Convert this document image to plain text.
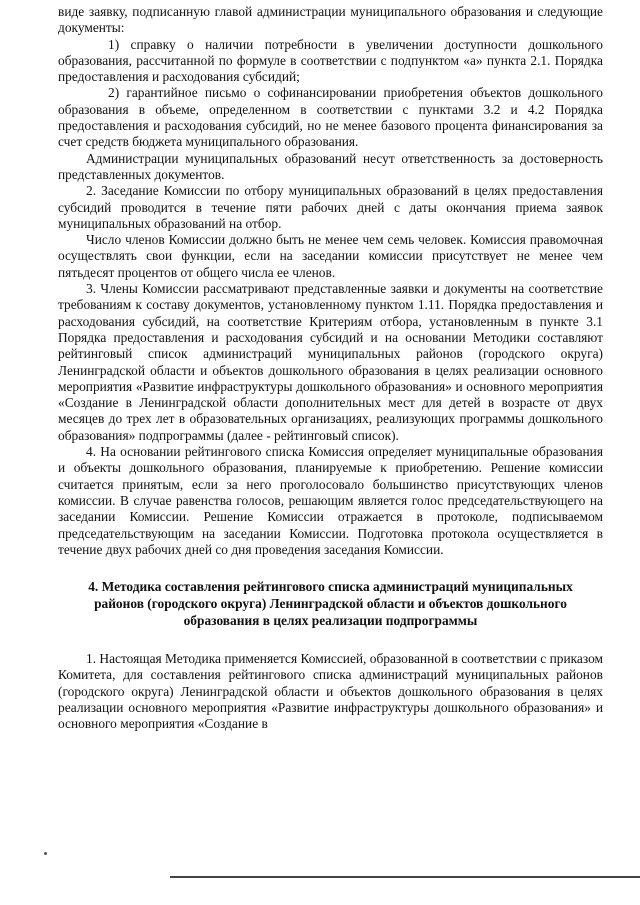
виде заявку, подписанную главой администрации муниципального образования и следующие документы:

1) справку о наличии потребности в увеличении доступности дошкольного образования, рассчитанной по формуле в соответствии с подпунктом «а» пункта 2.1. Порядка предоставления и расходования субсидий;

2) гарантийное письмо о софинансировании приобретения объектов дошкольного образования в объеме, определенном в соответствии с пунктами 3.2 и 4.2 Порядка предоставления и расходования субсидий, но не менее базового процента финансирования за счет средств бюджета муниципального образования.

Администрации муниципальных образований несут ответственность за достоверность представленных документов.

2. Заседание Комиссии по отбору муниципальных образований в целях предоставления субсидий проводится в течение пяти рабочих дней с даты окончания приема заявок муниципальных образований на отбор.

Число членов Комиссии должно быть не менее чем семь человек. Комиссия правомочная осуществлять свои функции, если на заседании комиссии присутствует не менее чем пятьдесят процентов от общего числа ее членов.

3. Члены Комиссии рассматривают представленные заявки и документы на соответствие требованиям к составу документов, установленному пунктом 1.11. Порядка предоставления и расходования субсидий, на соответствие Критериям отбора, установленным в пункте 3.1 Порядка предоставления и расходования субсидий и на основании Методики составляют рейтинговый список администраций муниципальных районов (городского округа) Ленинградской области и объектов дошкольного образования в целях реализации основного мероприятия «Развитие инфраструктуры дошкольного образования» и основного мероприятия «Создание в Ленинградской области дополнительных мест для детей в возрасте от двух месяцев до трех лет в образовательных организациях, реализующих программы дошкольного образования» подпрограммы (далее - рейтинговый список).

4. На основании рейтингового списка Комиссия определяет муниципальные образования и объекты дошкольного образования, планируемые к приобретению. Решение комиссии считается принятым, если за него проголосовало большинство присутствующих членов комиссии. В случае равенства голосов, решающим является голос председательствующего на заседании Комиссии. Решение Комиссии отражается в протоколе, подписываемом председательствующим на заседании Комиссии. Подготовка протокола осуществляется в течение двух рабочих дней со дня проведения заседания Комиссии.

4. Методика составления рейтингового списка администраций муниципальных районов (городского округа) Ленинградской области и объектов дошкольного образования в целях реализации подпрограммы

1. Настоящая Методика применяется Комиссией, образованной в соответствии с приказом Комитета, для составления рейтингового списка администраций муниципальных районов (городского округа) Ленинградской области и объектов дошкольного образования в целях реализации основного мероприятия «Развитие инфраструктуры дошкольного образования» и основного мероприятия «Создание в
